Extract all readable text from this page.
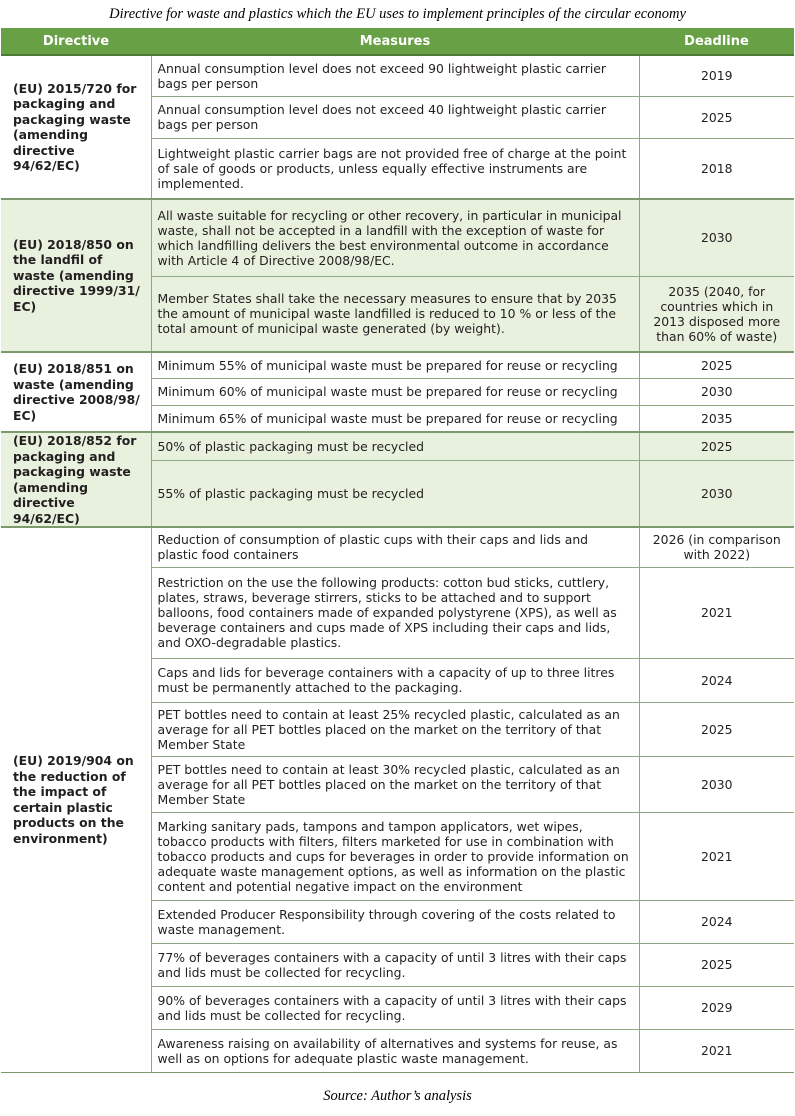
Directive for waste and plastics which the EU uses to implement principles of the circular economy
Directive	Measures	Deadline
(EU) 2015/720 for packaging and packaging waste (amending directive 94/62/EC)	Annual consumption level does not exceed 90 lightweight plastic carrier bags per person	2019
	Annual consumption level does not exceed 40 lightweight plastic carrier bags per person	2025
	Lightweight plastic carrier bags are not provided free of charge at the point of sale of goods or products, unless equally effective instruments are implemented.	2018
(EU) 2018/850 on the landfil of waste (amending directive 1999/31/ EC)	All waste suitable for recycling or other recovery, in particular in municipal waste, shall not be accepted in a landfill with the exception of waste for which landfilling delivers the best environmental outcome in accordance with Article 4 of Directive 2008/98/EC.	2030
	Member States shall take the necessary measures to ensure that by 2035 the amount of municipal waste landfilled is reduced to 10 % or less of the total amount of municipal waste generated (by weight).	2035 (2040, for countries which in 2013 disposed more than 60% of waste)
(EU) 2018/851 on waste (amending directive 2008/98/ EC)	Minimum 55% of municipal waste must be prepared for reuse or recycling	2025
	Minimum 60% of municipal waste must be prepared for reuse or recycling	2030
	Minimum 65% of municipal waste must be prepared for reuse or recycling	2035
(EU) 2018/852 for packaging and packaging waste (amending directive 94/62/EC)	50% of plastic packaging must be recycled	2025
	55% of plastic packaging must be recycled	2030
(EU) 2019/904 on the reduction of the impact of certain plastic products on the environment)	Reduction of consumption of plastic cups with their caps and lids and plastic food containers	2026 (in comparison with 2022)
	Restriction on the use the following products: cotton bud sticks, cuttlery, plates, straws, beverage stirrers, sticks to be attached and to support balloons, food containers made of expanded polystyrene (XPS), as well as beverage containers and cups made of XPS including their caps and lids, and OXO-degradable plastics.	2021
	Caps and lids for beverage containers with a capacity of up to three litres must be permanently attached to the packaging.	2024
	PET bottles need to contain at least 25% recycled plastic, calculated as an average for all PET bottles placed on the market on the territory of that Member State	2025
	PET bottles need to contain at least 30% recycled plastic, calculated as an average for all PET bottles placed on the market on the territory of that Member State	2030
	Marking sanitary pads, tampons and tampon applicators, wet wipes, tobacco products with filters, filters marketed for use in combination with tobacco products and cups for beverages in order to provide information on adequate waste management options, as well as information on the plastic content and potential negative impact on the environment	2021
	Extended Producer Responsibility through covering of the costs related to waste management.	2024
	77% of beverages containers with a capacity of until 3 litres with their caps and lids must be collected for recycling.	2025
	90% of beverages containers with a capacity of until 3 litres with their caps and lids must be collected for recycling.	2029
	Awareness raising on availability of alternatives and systems for reuse, as well as on options for adequate plastic waste management.	2021
Source: Author’s analysis
